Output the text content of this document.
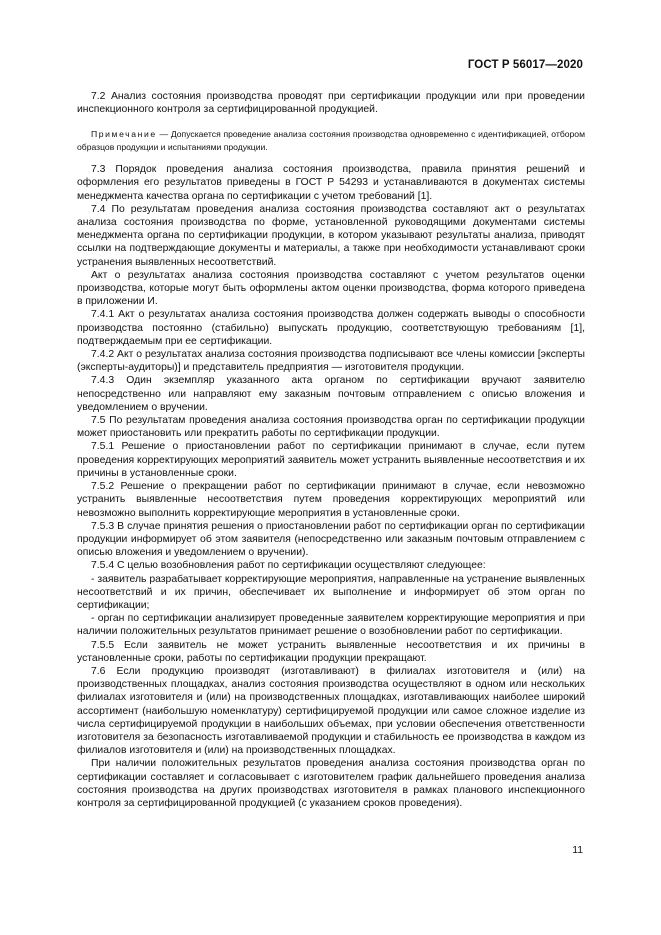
ГОСТ Р 56017—2020

7.2 Анализ состояния производства проводят при сертификации продукции или при проведении инспекционного контроля за сертифицированной продукцией.

Примечание — Допускается проведение анализа состояния производства одновременно с идентификацией, отбором образцов продукции и испытаниями продукции.

7.3 Порядок проведения анализа состояния производства, правила принятия решений и оформления его результатов приведены в ГОСТ Р 54293 и устанавливаются в документах системы менеджмента качества органа по сертификации с учетом требований [1].

7.4 По результатам проведения анализа состояния производства составляют акт о результатах анализа состояния производства по форме, установленной руководящими документами системы менеджмента органа по сертификации продукции, в котором указывают результаты анализа, приводят ссылки на подтверждающие документы и материалы, а также при необходимости устанавливают сроки устранения выявленных несоответствий.

Акт о результатах анализа состояния производства составляют с учетом результатов оценки производства, которые могут быть оформлены актом оценки производства, форма которого приведена в приложении И.

7.4.1 Акт о результатах анализа состояния производства должен содержать выводы о способности производства постоянно (стабильно) выпускать продукцию, соответствующую требованиям [1], подтверждаемым при ее сертификации.

7.4.2 Акт о результатах анализа состояния производства подписывают все члены комиссии [эксперты (эксперты-аудиторы)] и представитель предприятия — изготовителя продукции.

7.4.3 Один экземпляр указанного акта органом по сертификации вручают заявителю непосредственно или направляют ему заказным почтовым отправлением с описью вложения и уведомлением о вручении.

7.5 По результатам проведения анализа состояния производства орган по сертификации продукции может приостановить или прекратить работы по сертификации продукции.

7.5.1 Решение о приостановлении работ по сертификации принимают в случае, если путем проведения корректирующих мероприятий заявитель может устранить выявленные несоответствия и их причины в установленные сроки.

7.5.2 Решение о прекращении работ по сертификации принимают в случае, если невозможно устранить выявленные несоответствия путем проведения корректирующих мероприятий или невозможно выполнить корректирующие мероприятия в установленные сроки.

7.5.3 В случае принятия решения о приостановлении работ по сертификации орган по сертификации продукции информирует об этом заявителя (непосредственно или заказным почтовым отправлением с описью вложения и уведомлением о вручении).

7.5.4 С целью возобновления работ по сертификации осуществляют следующее:

- заявитель разрабатывает корректирующие мероприятия, направленные на устранение выявленных несоответствий и их причин, обеспечивает их выполнение и информирует об этом орган по сертификации;

- орган по сертификации анализирует проведенные заявителем корректирующие мероприятия и при наличии положительных результатов принимает решение о возобновлении работ по сертификации.

7.5.5 Если заявитель не может устранить выявленные несоответствия и их причины в установленные сроки, работы по сертификации продукции прекращают.

7.6 Если продукцию производят (изготавливают) в филиалах изготовителя и (или) на производственных площадках, анализ состояния производства осуществляют в одном или нескольких филиалах изготовителя и (или) на производственных площадках, изготавливающих наиболее широкий ассортимент (наибольшую номенклатуру) сертифицируемой продукции или самое сложное изделие из числа сертифицируемой продукции в наибольших объемах, при условии обеспечения ответственности изготовителя за безопасность изготавливаемой продукции и стабильность ее производства в каждом из филиалов изготовителя и (или) на производственных площадках.

При наличии положительных результатов проведения анализа состояния производства орган по сертификации составляет и согласовывает с изготовителем график дальнейшего проведения анализа состояния производства на других производствах изготовителя в рамках планового инспекционного контроля за сертифицированной продукцией (с указанием сроков проведения).

11
